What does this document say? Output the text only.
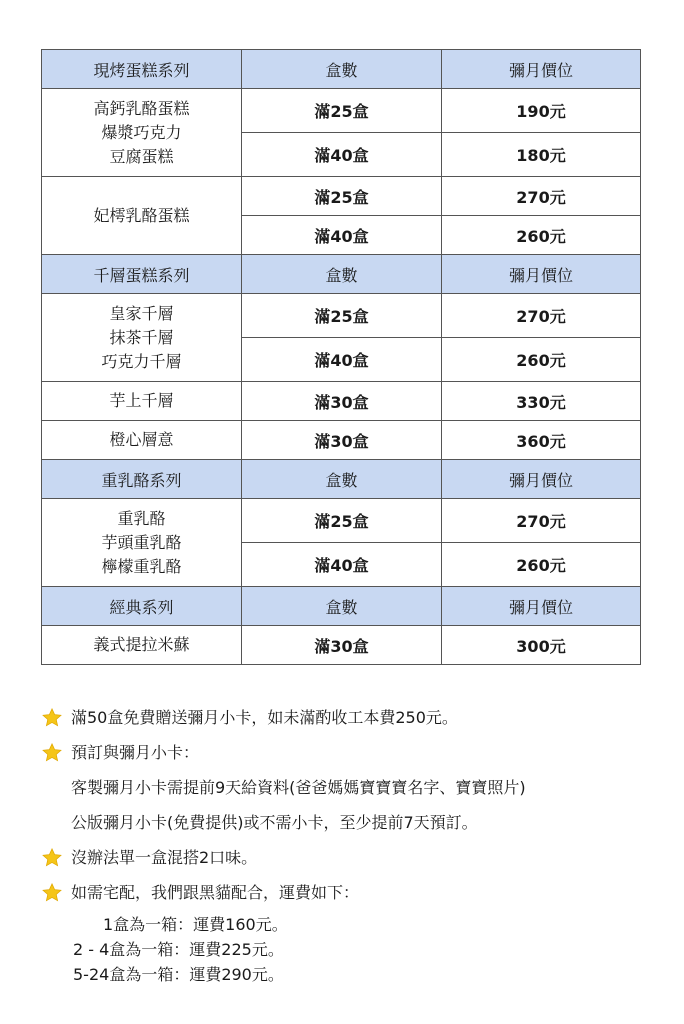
現烤蛋糕系列	盒數	彌月價位

高鈣乳酪蛋糕
爆漿巧克力
豆腐蛋糕	滿25盒	190元
	滿40盒	180元

妃樗乳酪蛋糕	滿25盒	270元
	滿40盒	260元
千層蛋糕系列	盒數	彌月價位

皇家千層
抹茶千層
巧克力千層	滿25盒	270元
	滿40盒	260元

芋上千層	滿30盒	330元

橙心層意	滿30盒	360元
重乳酪系列	盒數	彌月價位

重乳酪
芋頭重乳酪
檸檬重乳酪	滿25盒	270元
	滿40盒	260元
經典系列	盒數	彌月價位

義式提拉米蘇	滿30盒	300元
滿50盒免費贈送彌月小卡，如未滿酌收工本費250元。
預訂與彌月小卡：
客製彌月小卡需提前9天給資料(爸爸媽媽寶寶寶名字、寶寶照片)
公版彌月小卡(免費提供)或不需小卡，至少提前7天預訂。
沒辦法單一盒混搭2口味。
如需宅配，我們跟黑貓配合，運費如下：
1盒為一箱：運費160元。
2 - 4盒為一箱：運費225元。
5-24盒為一箱：運費290元。
